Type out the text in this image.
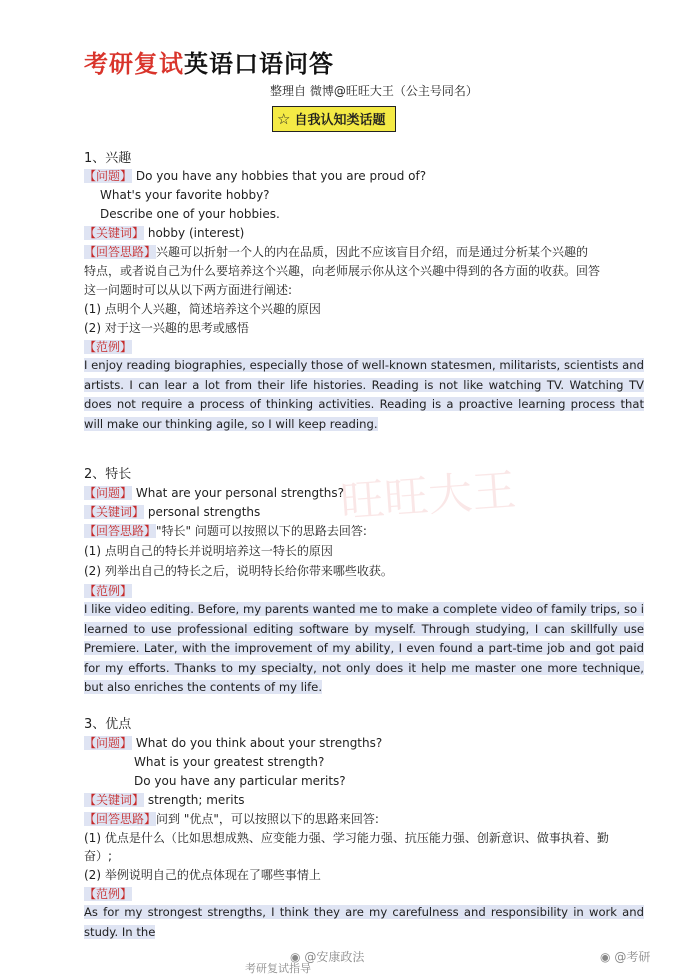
考研复试英语口语问答
整理自 微博@旺旺大王（公主号同名）
☆ 自我认知类话题
旺旺大王
1、兴趣
【问题】 Do you have any hobbies that you are proud of?
What's your favorite hobby?
Describe one of your hobbies.
【关键词】 hobby (interest)
【回答思路】兴趣可以折射一个人的内在品质，因此不应该盲目介绍，而是通过分析某个兴趣的
特点，或者说自己为什么要培养这个兴趣，向老师展示你从这个兴趣中得到的各方面的收获。回答
这一问题时可以从以下两方面进行阐述:
(1) 点明个人兴趣，简述培养这个兴趣的原因
(2) 对于这一兴趣的思考或感悟
【范例】
I enjoy reading biographies, especially those of well-known statesmen, militarists, scientists and artists. I can lear a lot from their life histories. Reading is not like watching TV. Watching TV does not require a process of thinking activities. Reading is a proactive learning process that will make our thinking agile, so I will keep reading.
2、特长
【问题】 What are your personal strengths?
【关键词】 personal strengths
【回答思路】"特长" 问题可以按照以下的思路去回答:
(1) 点明自己的特长并说明培养这一特长的原因
(2) 列举出自己的特长之后，说明特长给你带来哪些收获。
【范例】
I like video editing. Before, my parents wanted me to make a complete video of family trips, so i learned to use professional editing software by myself. Through studying, I can skillfully use Premiere. Later, with the improvement of my ability, I even found a part-time job and got paid for my efforts. Thanks to my specialty, not only does it help me master one more technique, but also enriches the contents of my life.
3、优点
【问题】 What do you think about your strengths?
What is your greatest strength?
Do you have any particular merits?
【关键词】 strength; merits
【回答思路】问到 "优点"，可以按照以下的思路来回答:
(1) 优点是什么（比如思想成熟、应变能力强、学习能力强、抗压能力强、创新意识、做事执着、勤
奋）;
(2) 举例说明自己的优点体现在了哪些事情上
【范例】
As for my strongest strengths, I think they are my carefulness and responsibility in work and study. In the
◉ @安康政法
考研复试指导
◉ @考研
